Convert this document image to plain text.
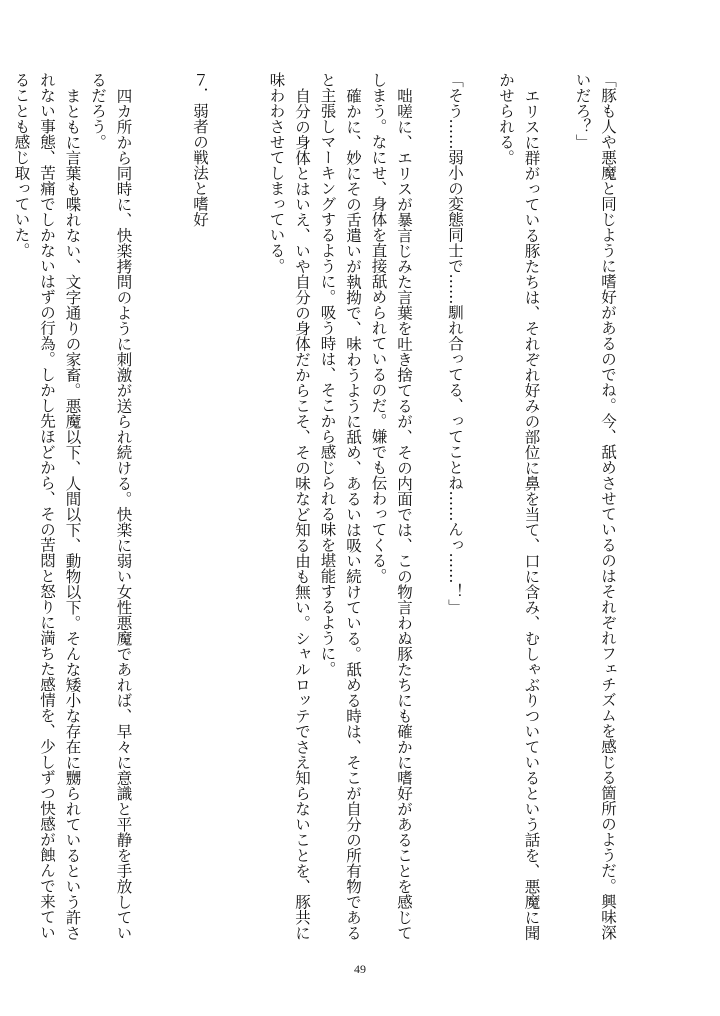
「豚も人や悪魔と同じように嗜好があるのでね。今、舐めさせているのはそれぞれフェチズムを感じる箇所のようだ。興味深いだろ？」

エリスに群がっている豚たちは、それぞれ好みの部位に鼻を当て、口に含み、むしゃぶりついているという話を、悪魔に聞かせられる。

「そう……弱小の変態同士で……馴れ合ってる、ってことね……んっ……！」

咄嗟に、エリスが暴言じみた言葉を吐き捨てるが、その内面では、この物言わぬ豚たちにも確かに嗜好があることを感じてしまう。なにせ、身体を直接舐められているのだ。嫌でも伝わってくる。

確かに、妙にその舌遣いが執拗で、味わうように舐め、あるいは吸い続けている。舐める時は、そこが自分の所有物であると主張しマーキングするように。吸う時は、そこから感じられる味を堪能するように。

自分の身体とはいえ、いや自分の身体だからこそ、その味など知る由も無い。シャルロッテでさえ知らないことを、豚共に味わわさせてしまっている。

７．弱者の戦法と嗜好

四カ所から同時に、快楽拷問のように刺激が送られ続ける。快楽に弱い女性悪魔であれば、早々に意識と平静を手放しているだろう。

まともに言葉も喋れない、文字通りの家畜。悪魔以下、人間以下、動物以下。そんな矮小な存在に嬲られているという許されない事態、苦痛でしかないはずの行為。しかし先ほどから、その苦悶と怒りに満ちた感情を、少しずつ快感が蝕んで来ていることも感じ取っていた。

49
